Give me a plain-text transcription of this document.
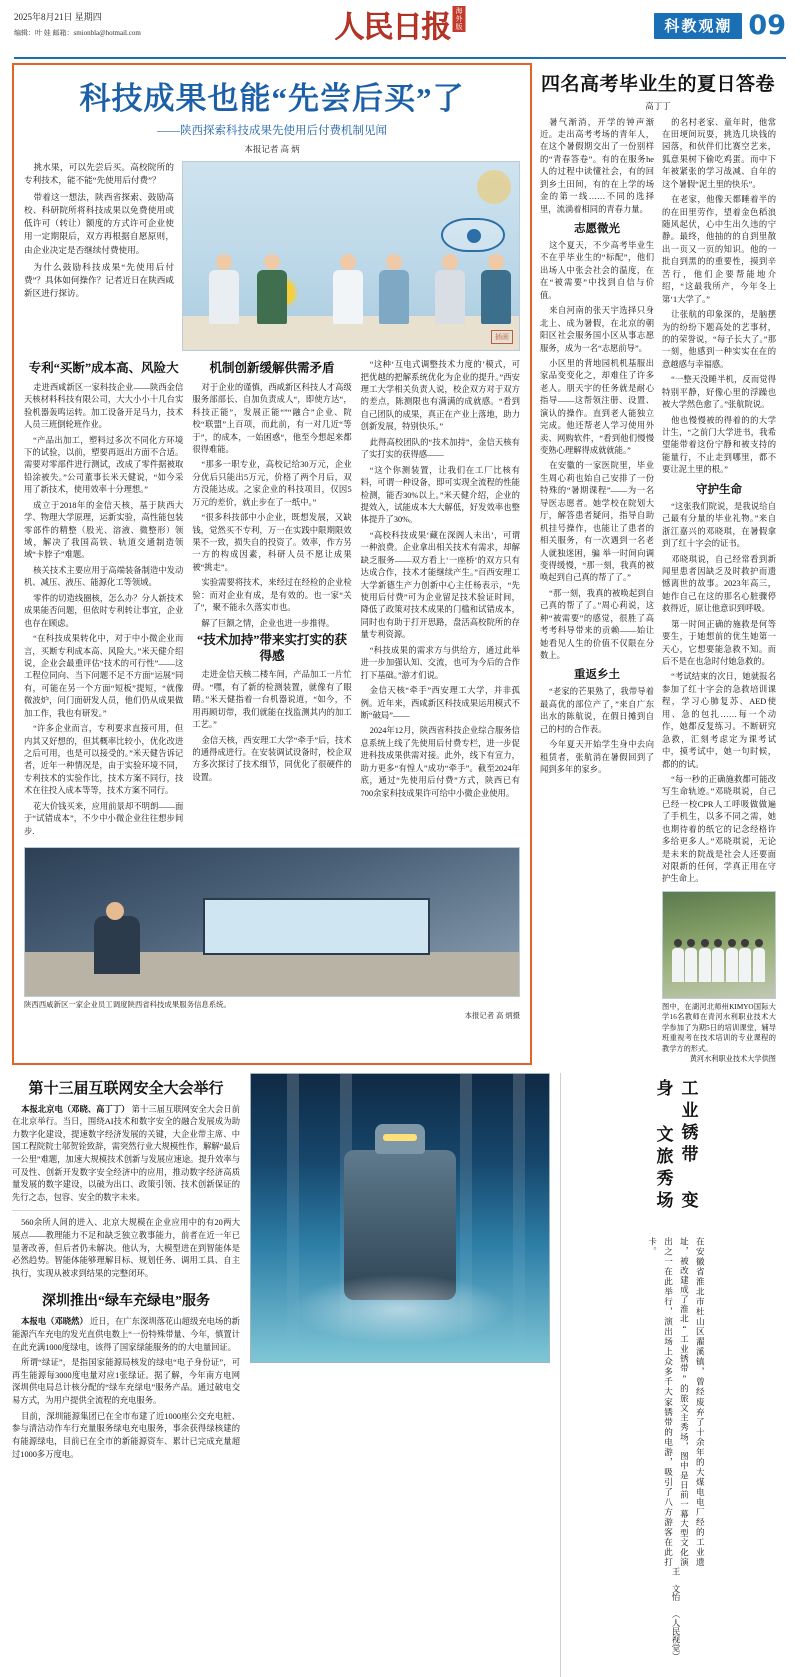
2025年8月21日 星期四
编辑：叶 娃 邮箱：smionbla@hotmail.com	人民日报 海外版	科教观潮 09
科技成果也能“先尝后买”了
——陕西探索科技成果先使用后付费机制见闻
本报记者 高 炳

挑水果，可以先尝后买。高校院所的专利技术，能不能“先使用后付费”？

带着这一想法，陕西省探索、鼓励高校、科研院所将科技成果以免费使用或低许可（转让）额度的方式许可企业使用一定期限后，双方再根据自愿原则，由企业决定是否继续付费使用。

为什么鼓励科技成果“先使用后付费”？具体如何操作？记者近日在陕西咸新区进行探访。

插画
专利“买断”成本高、风险大

走进西咸新区一家科技企业——陕西金信天核材料科技有限公司，大大小小十几台实验机器轰鸣运转。加工设备开足马力，技术人员三班倒轮班作业。

“产品出加工，塑料过多次不同化方环境下的试验，以前，塑要再返出方面不合适。需要对零部件进行测试，改成了零件据被取铅涂被失。”公司董事长米天健说，“如今采用了新技术，使用效率十分理想。”

成立于2018年的金信天核，基于陕西大学、物理大学原理，运新实验，高性能包装零部件的精整（股光、溶液、微整形）领域，解决了我国高铁、轨道交通制造领域“卡脖子”难题。

核关技术主要应用于高端装备制造中发动机、减压、液压、能源化工等领域。

零件的切造线圈核，怎么办？分人新技术成果能否问题，但依时专利转让事宜，企业也存在顾虑。

“在科技成果转化中，对于中小微企业而言，买断专利成本高、风险大。”米天健介绍说，企业会最重评估“技术的可行性”——这工程位同向、当下问题不足不方面“运展”同有，可能在另一个方面“短板”提短，“就像微波炉，问门面研发人员，他们仍从成果做加工作，我也有研发。”

“许多企业而言，专利要求直接可用，但内其又好想的，但其概率比较小，优化改进之后可用，也是可以接受的。”米天健告诉记者，近年一种情况是，由于实验环境不同，专利技术的实验作比，技术方案不同行，技术在往投入成本等等，技术方案不同行。

花大价钱买来，应用前景却不明朗——面于“试错成本”，不少中小微企业往往想步间步.

机制创新缓解供需矛盾

对于企业的谨慎，西咸新区科技人才高级服务部部长、自加负责成人“，即使方达“，科技正能”，发展正能“”“融合”企业、院校“联盟”上百项，而此前，有一对几近“等于”，的成本，一始困惑“，他至今想起来都很得难能。

“那多一职专业，高校记给30万元，企业分优后只能出5万元，价格了两个月后，双方没能达成。之家企业的科技项目，仅因5万元的差价，就止步在了一纸中。”

“很多科技部中小企业，既想发展，又缺钱，觉然买不专利，万一在实践中限期限效果不一致，损失自的投资了。效率，作方另一方的构成因素，科研人员不愿让成果被“挑走”。

实验需要将技术，来经过在经检的企业检验：而对企业有成，是有效的。也一家“关了”，聚不能永久落实市也。

解了巨额之情，企业也进一步推得。

“技术加持”带来实打实的获得感

走进金信天核二楼车间，产品加工一片忙碍。“嘿，有了新的检测装置，就像有了眼睛。”米天健指着一台机器说道，“如今，不用再顾切带，我们就能在找监测其内的加工工艺。”

金信天核，西安理工大学“牵手”后，技术的通得成进行。在安装调试设备时，校企双方多次探讨了技术细节，同优化了很硬件的设置。

“这种‘互电式调整技术力度的’模式，可把优越的把解系统优化为企业的提升。”西安理工大学相关负责人说，校企双方对于双方的差点，陈测限也有满满的成就感。“看到自己团队的成果，真正在产业上落地，助力创新发展，特别快乐。”

此得高校团队的“技术加持”，金信天核有了实打实的获得感——

“这个你测装置，让我们在工厂比核有料，可谓一种设备，即可实现全流程的性能检测，能否30%以上。”米天健介绍，企业的提效入，试能成本大大解低，好发效率也整体提升了30%。

“高校科技成果‘藏在深阁人未出’，可谓一种浪费。企业拿出相关技术有需求，却解缺乏服务——双方看上‘一座桥’的双方只有达成合作，技术才能继续产生。”百西安理工大学新德生产力创新中心主任杨表示，“先使用后付费”可为企业留足技术验证时间，降低了政策对技术成果的门槛和试错成本，同时也有助于打开思路，盘活高校院所的存量专利资源。

“科技成果的需求方与供给方，通过此举进一步加强认知、交流，也可为今后的合作打下基础。”游才们说。

金信天核“牵手”西安理工大学，并非孤例。近年来，西咸新区科技成果运用模式不断“破局”——

2024年12月，陕西省科技企业综合服务信息系统上线了先使用后付费专栏，进一步促进科技成果供需对接。此外，线下有宣力，助力更多“有惶人”成功“牵手”。截至2024年底，通过“先使用后付费”方式，陕西已有700余家科技成果许可给中小微企业使用。

陕西西咸新区一家企业员工调度陕西省科技成果服务信息系统。
本报记者 高 炳摄
四名高考毕业生的夏日答卷
高丁丁

暑气渐消，开学的钟声渐近。走出高考考场的青年人，在这个暑假期交出了一份别样的“青春答卷”。有的在服务he人的过程中读懂社会，有的回到乡土田间，有的在上学的场金的第一线……不同的选择里，流淌着相同的青春力量。

志愿微光

这个夏天，不少高考毕业生不在乎毕业生的“标配”，他们出场人中张会社会的温度，在在“被需要”中找到自信与价值。

来自河南的张天宇选择只身北上、成为暑假，在北京的朝阳区社会服务国小区从事志愿服务，成为一名“志愿前导”。

小区里的背地园机机基服出家品变变化之，却难住了许多老人。朋天宇的任务就是耐心指导——这帮领注册、设置、演认的操作。直到老人能独立完成。他还帮老人学习使用外卖、网购软件，“看到他们慢慢变熟心理解得成就就能。”

在安徽的一家医院里，毕业生周心莉也始自己安排了一份特殊的“暑期课程”——为一名导医志愿者。她学校在院划大厅，解答患者疑问，指导自助机挂号操作，也能让了患者的相关服务，有一次遇到一名老人就独迷困，骗 举一时间向调变得缓慢，“那一刻，我真的被唤起到自己真的帮了了。”

“那一刻，我真的被唤起到自己真的帮了了。”周心莉说，这种“被需要”的感觉，很胜了高考考科导带来的贡赖——始让她看见人生的价值不仅限在分数上。

重返乡土

“老家的芒果熟了，我带导着最高优的部位产了，”来自广东出水的陈航说，在假日摊到自己的村的合作表。

今年夏天开始学生身中去向租赁者，张航消在暑假回到了闻到多年的家乡。

的名村老家、童年时，他常在田埂间玩耍，挑选几块钱的园落，和伙伴们比赛空艺来，狐意果树下偷吃鸡蛋。而中下年被紧张的学习战减、自年的这个暑假“泥土里的快乐”。

在老家，他像天都睡着半的的在田里劳作，望着金色稻浪随风起伏，心中生出久违的宁静。最终，他抽的的自到里散出一页又一页的知识。他的一批自到黑的的重要性，摸到辛苦行，他们企要帮能地介绍，“这最我所产，今年冬上第‘1大学了。”

让张航的印象深的，是脑摆为的纷纷下题高处的艺事材，的的荣誉说，“每子长大了。”那一刻，他感到一种实实在在的意越感与幸福感。

“一整天没睡半机，反而觉得特别平静，好像心里的浮躁也被大学然色愈了。”张航院说。

他也慢慢被的得着的的大学计生，“之前门大学进书，我希望能带着这份宁静和被支持的能量行，不止走到哪里，都不要让泥土里的根。”

守护生命

“这张我们院说，是我说给自己最有分量的毕业礼物。”来自浙江嘉兴的邓晓琪，在暑假拿到了红十字会的证书。

邓晓琪说，自己经常看到新闻里患者因缺乏及时救护而遗憾离世的故事。2023年高三，她作自己在这的那名心脏骤停救得近，原让他意识到呼吸。

第一时间正确的施救是何等要生，于她想前的优生她第一天心，它想要能急救不知。而后不是在也急时付她急救的。

“考试结束的次日，她就报名参加了红十字会的急救培训课程，学习心肺复苏、AED使用、急的包扎……每一个动作，她都反复练习。不断研究急救，汇刻考虑定为课考试中，摸考试中，她一句时候，都的的试。

“每一秒的正确施救都可能改写生命轨迹。”邓晓琪说，自己已经一校CPR人工呼吸做做遍了手机生，以多不同之需，她也期待着的纸它的记念经格许多给更多人。”邓晓琪说，无论是未来的院战是社会人还要面对限新的任何，学真正用在守护生命上。

图中，在湖河北师州KIMYO国际大学16名教师在青河水利职业技术大学参加了为期5日的培训课堂，辅导班重视考在技术培训的专业课程的教学方的形式。
黄河水利职业技术大学供图
第十三届互联网安全大会举行

本报北京电（邓晓、高丁丁） 第十三届互联网安全大会日前在北京举行。当日，围绕AI技术和数字安全的融合发展成为助力数字化建设，提速数字经济发展的关键，大企业带主席、中国工程院院士邬贺铨致辞，需突然行业大规模性作，解解“最后一公里”难题，加速大规模技术创新与发展应速途。提升效率与可及性、创新开发数字安全经济中的应用，推动数字经济高质量发展的数字建设，以破为出口、政策引领、技术创新保证的先行之态，包容、安全的数字未来。

560余所人间的进入、北京大规模在企业应用中的有20两大展点——教理能力不足和缺乏独立教事能力，前者在近一年已显著改善，但后者仍未解决。他认为，大模型进在到智能体是必然趋势。智能体能够理解目标、规划任务、调用工具、自主执行，实现从被求到结果的完整闭环。

深圳推出“绿车充绿电”服务

本报电（邓晓然） 近日，在广东深圳落花山超级充电场的新能源汽车充电的发光直供电数上“一份特殊带量、今年，慎置计在此充满1000度绿电，该得了国家绿能服务的的大电量回证。

所谓“绿证”，是指国家能源局核发的绿电“电子身份证”，可再生能源每3000度电量对应1张绿证。据了解，今年南方电网深圳供电局总计核分配的“绿车充绿电”服务产品。通过破电交易方式，为用户提供全流程的充电服务。

目前，深圳能源集团已在全市布建了近1000座公交充电桩、参与清洁动作车行充量服务绿电充电服务，事余获得绿核建的有能源绿电，目前已在全市的新能源资车、累计已完成充量超过1000多万度电。

工业锈带 变身 文旅秀场
在安徽省淮北市杜山区濯溪镇，曾经废弃了十余年的大煤电电厂经的工业遗址，被改建成了淮北“工业锈带”的旅文主秀场，图中是日前一幕大型文化演出之一在此举行，演出场上众多千大家锈带的电游，吸引了八方游客在此打卡。
王 文怡 （人民视觉）
